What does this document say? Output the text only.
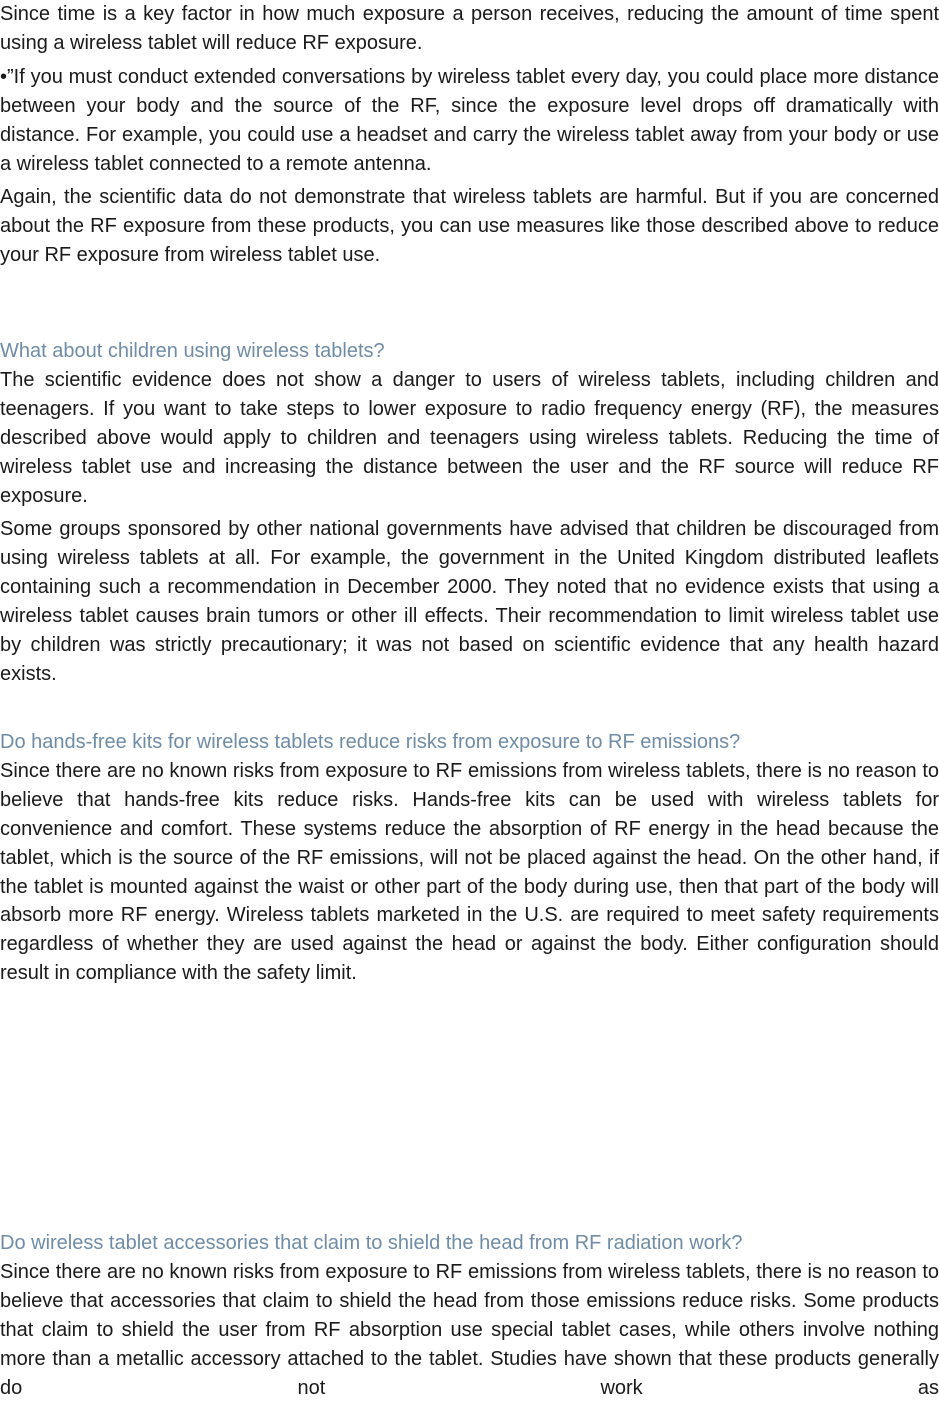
Since time is a key factor in how much exposure a person receives, reducing the amount of time spent using a wireless tablet will reduce RF exposure.

•”If you must conduct extended conversations by wireless tablet every day, you could place more distance between your body and the source of the RF, since the exposure level drops off dramatically with distance. For example, you could use a headset and carry the wireless tablet away from your body or use a wireless tablet connected to a remote antenna.

Again, the scientific data do not demonstrate that wireless tablets are harmful. But if you are concerned about the RF exposure from these products, you can use measures like those described above to reduce your RF exposure from wireless tablet use.

What about children using wireless tablets?

The scientific evidence does not show a danger to users of wireless tablets, including children and teenagers. If you want to take steps to lower exposure to radio frequency energy (RF), the measures described above would apply to children and teenagers using wireless tablets. Reducing the time of wireless tablet use and increasing the distance between the user and the RF source will reduce RF exposure.

Some groups sponsored by other national governments have advised that children be discouraged from using wireless tablets at all. For example, the government in the United Kingdom distributed leaflets containing such a recommendation in December 2000. They noted that no evidence exists that using a wireless tablet causes brain tumors or other ill effects. Their recommendation to limit wireless tablet use by children was strictly precautionary; it was not based on scientific evidence that any health hazard exists.

Do hands-free kits for wireless tablets reduce risks from exposure to RF emissions?

Since there are no known risks from exposure to RF emissions from wireless tablets, there is no reason to believe that hands-free kits reduce risks. Hands-free kits can be used with wireless tablets for convenience and comfort. These systems reduce the absorption of RF energy in the head because the tablet, which is the source of the RF emissions, will not be placed against the head. On the other hand, if the tablet is mounted against the waist or other part of the body during use, then that part of the body will absorb more RF energy. Wireless tablets marketed in the U.S. are required to meet safety requirements regardless of whether they are used against the head or against the body. Either configuration should result in compliance with the safety limit.

Do wireless tablet accessories that claim to shield the head from RF radiation work?

Since there are no known risks from exposure to RF emissions from wireless tablets, there is no reason to believe that accessories that claim to shield the head from those emissions reduce risks. Some products that claim to shield the user from RF absorption use special tablet cases, while others involve nothing more than a metallic accessory attached to the tablet. Studies have shown that these products generally do not work as
